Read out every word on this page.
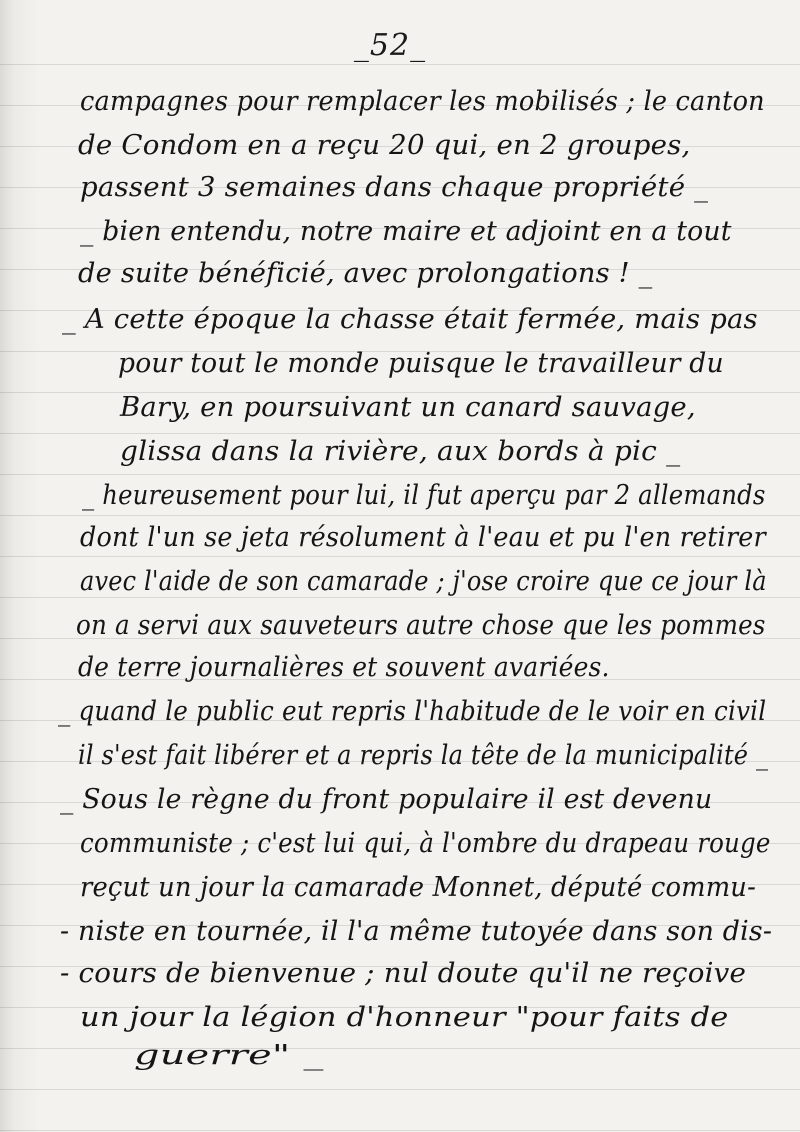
_52_
campagnes pour remplacer les mobilisés ; le canton
de Condom en a reçu 20 qui, en 2 groupes,
passent 3 semaines dans chaque propriété _
_ bien entendu, notre maire et adjoint en a tout
de suite bénéficié, avec prolongations ! _
_ A cette époque la chasse était fermée, mais pas
pour tout le monde puisque le travailleur du
Bary, en poursuivant un canard sauvage,
glissa dans la rivière, aux bords à pic _
_ heureusement pour lui, il fut aperçu par 2 allemands
dont l'un se jeta résolument à l'eau et pu l'en retirer
avec l'aide de son camarade ; j'ose croire que ce jour là
on a servi aux sauveteurs autre chose que les pommes
de terre journalières et souvent avariées.
_ quand le public eut repris l'habitude de le voir en civil
il s'est fait libérer et a repris la tête de la municipalité _
_ Sous le règne du front populaire il est devenu
communiste ; c'est lui qui, à l'ombre du drapeau rouge
reçut un jour la camarade Monnet, député commu-
- niste en tournée, il l'a même tutoyée dans son dis-
- cours de bienvenue ; nul doute qu'il ne reçoive
un jour la légion d'honneur "pour faits de
guerre" _
